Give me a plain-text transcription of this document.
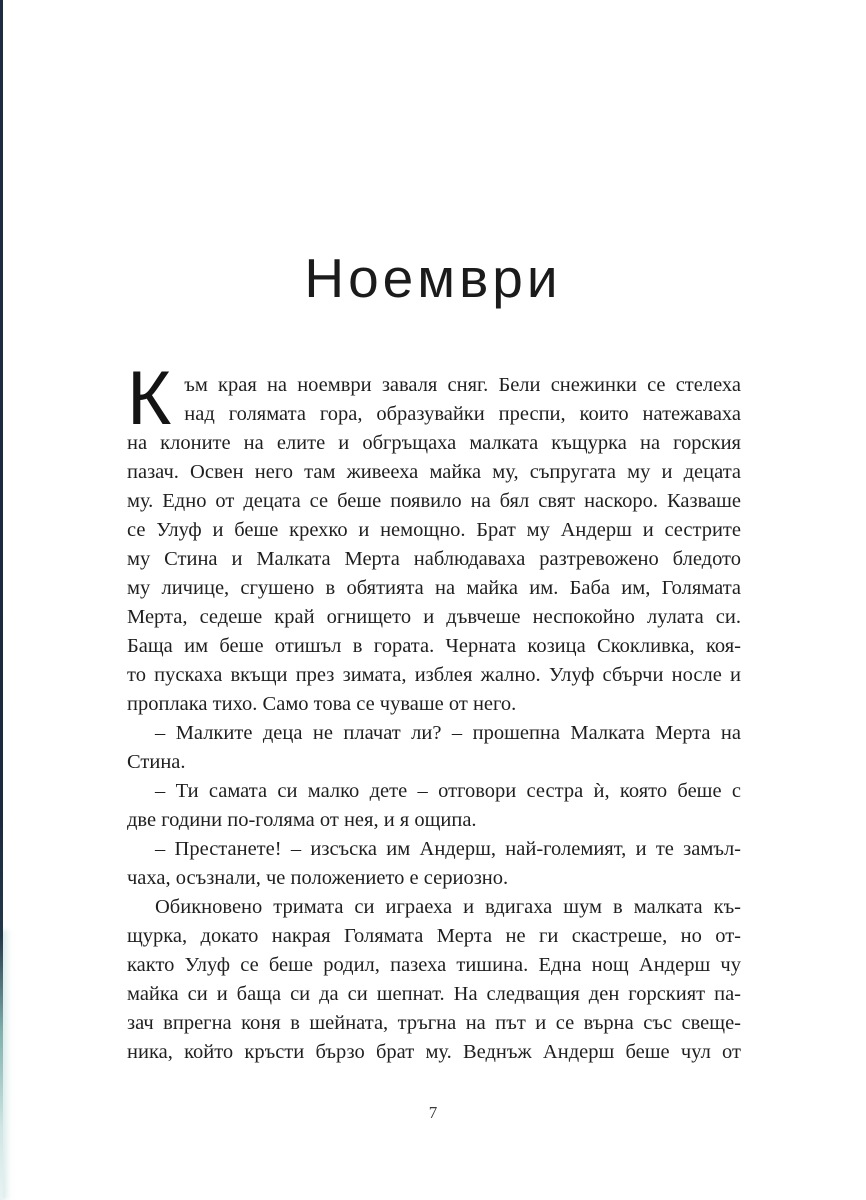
Ноември
К ъм края на ноември заваля сняг. Бели снежинки се стелеха
над голямата гора, образувайки преспи, които натежаваха
на клоните на елите и обгръщаха малката къщурка на горския
пазач. Освен него там живееха майка му, съпругата му и децата
му. Едно от децата се беше появило на бял свят наскоро. Казваше
се Улуф и беше крехко и немощно. Брат му Андерш и сестрите
му Стина и Малката Мерта наблюдаваха разтревожено бледото
му личице, сгушено в обятията на майка им. Баба им, Голямата
Мерта, седеше край огнището и дъвчеше неспокойно лулата си.
Баща им беше отишъл в гората. Черната козица Скокливка, коя-
то пускаха вкъщи през зимата, изблея жално. Улуф сбърчи носле и
проплака тихо. Само това се чуваше от него.
– Малките деца не плачат ли? – прошепна Малката Мерта на
Стина.
– Ти самата си малко дете – отговори сестра ѝ, която беше с
две години по-голяма от нея, и я ощипа.
– Престанете! – изсъска им Андерш, най-големият, и те замъл-
чаха, осъзнали, че положението е сериозно.
Обикновено тримата си играеха и вдигаха шум в малката къ-
щурка, докато накрая Голямата Мерта не ги скастреше, но от-
както Улуф се беше родил, пазеха тишина. Една нощ Андерш чу
майка си и баща си да си шепнат. На следващия ден горският па-
зач впрегна коня в шейната, тръгна на път и се върна със свеще-
ника, който кръсти бързо брат му. Веднъж Андерш беше чул от
7
